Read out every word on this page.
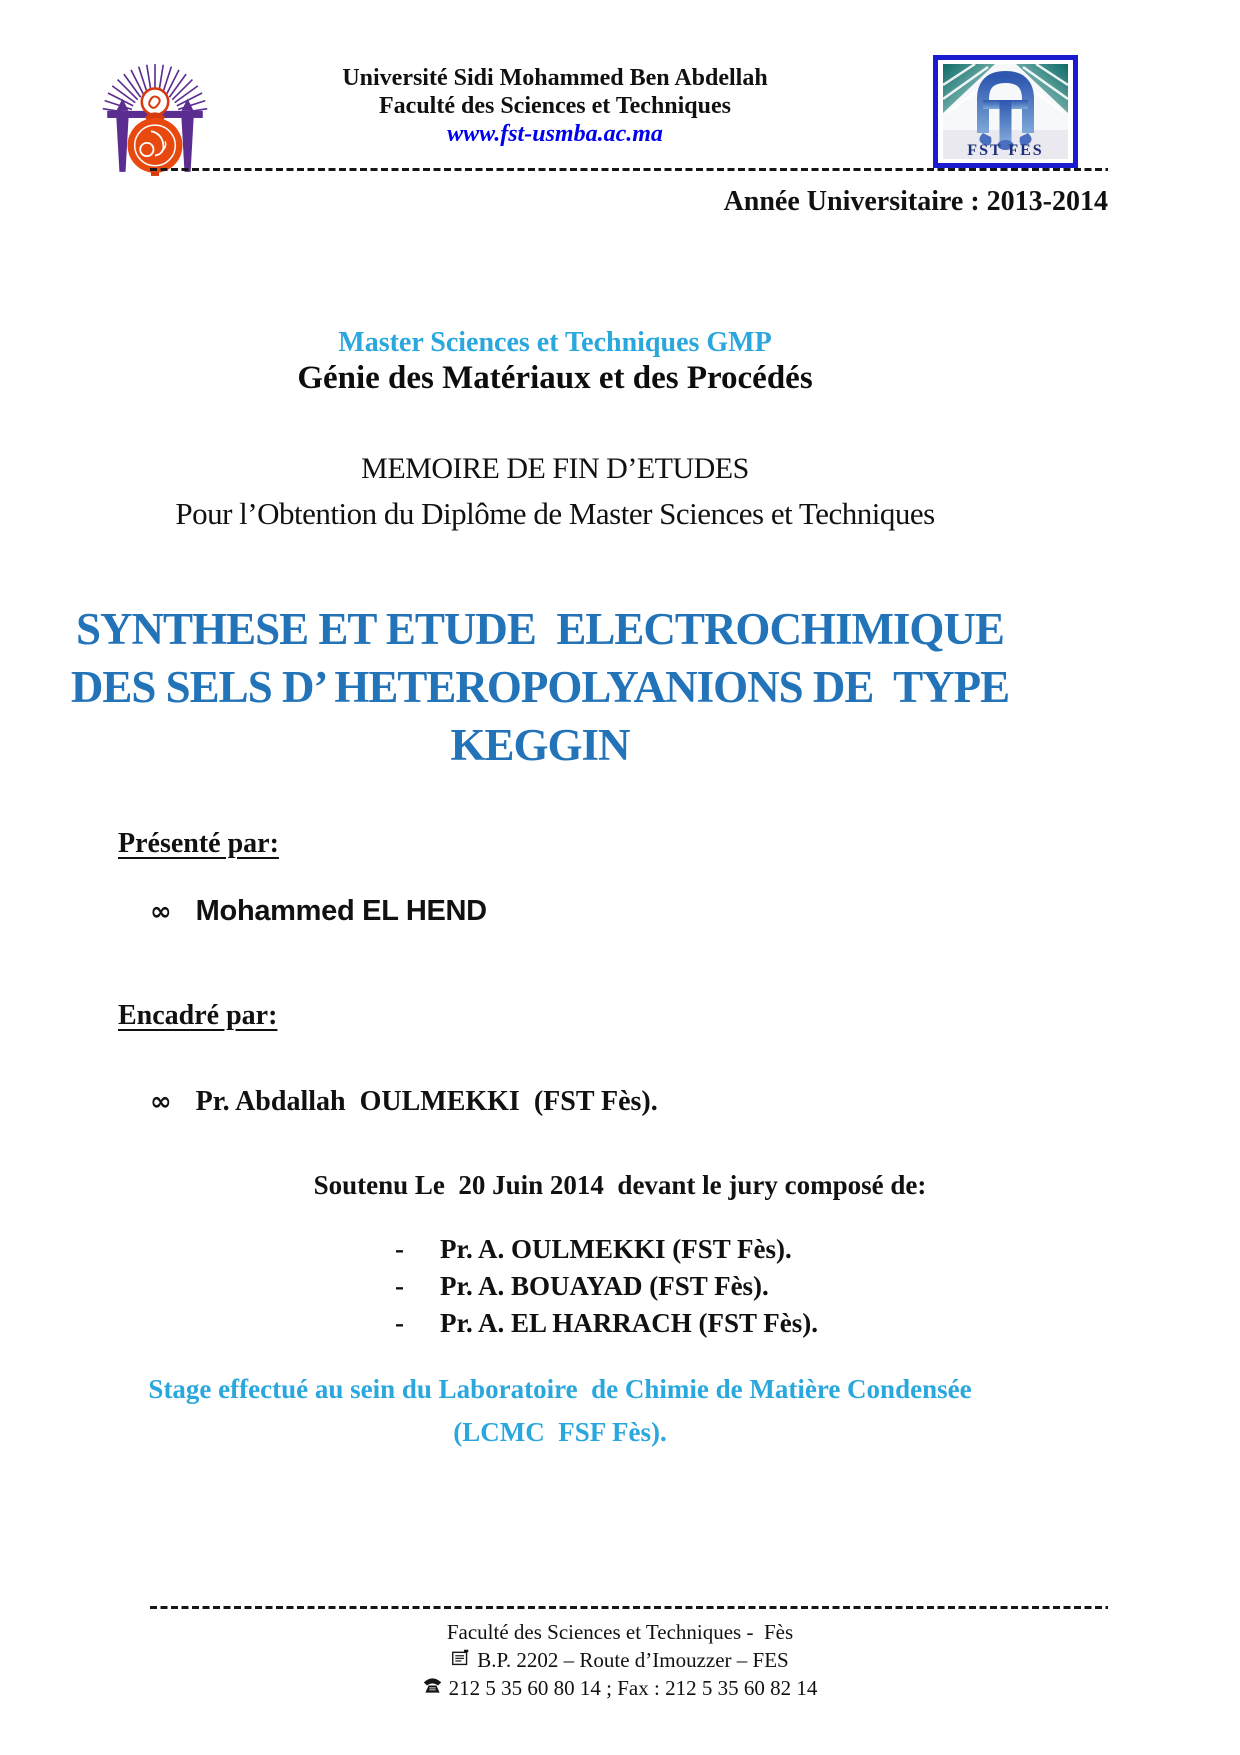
Université Sidi Mohammed Ben Abdellah
Faculté des Sciences et Techniques
www.fst-usmba.ac.ma
FST FES
Année Universitaire : 2013-2014
Master Sciences et Techniques GMP
Génie des Matériaux et des Procédés
MEMOIRE DE FIN D’ETUDES
Pour l’Obtention du Diplôme de Master Sciences et Techniques
SYNTHESE ET ETUDE  ELECTROCHIMIQUE
DES SELS D’ HETEROPOLYANIONS DE  TYPE
KEGGIN
Présenté par:
∞ Mohammed EL HEND
Encadré par:
∞ Pr. Abdallah  OULMEKKI  (FST Fès).
Soutenu Le  20 Juin 2014  devant le jury composé de:
-	Pr. A. OULMEKKI (FST Fès).
-	Pr. A. BOUAYAD (FST Fès).
-	Pr. A. EL HARRACH (FST Fès).
Stage effectué au sein du Laboratoire  de Chimie de Matière Condensée
(LCMC  FSF Fès).
Faculté des Sciences et Techniques -  Fès
B.P. 2202 – Route d’Imouzzer – FES
212 5 35 60 80 14 ; Fax : 212 5 35 60 82 14
